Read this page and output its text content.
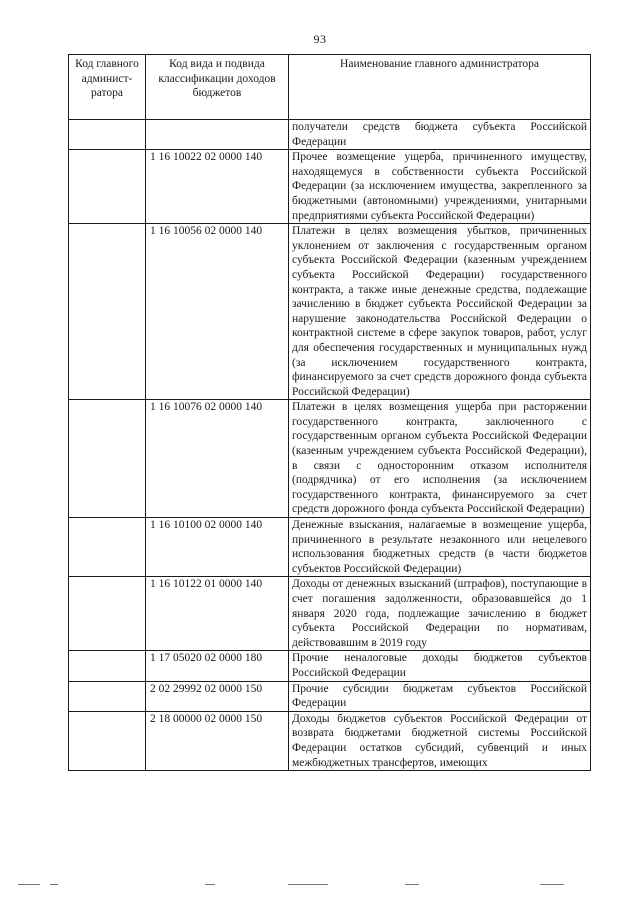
93
Код главного админист-ратора	Код вида и подвида классификации доходов бюджетов	Наименование главного администратора
		получатели средств бюджета субъекта Российской Федерации
	1 16 10022 02 0000 140	Прочее возмещение ущерба, причиненного имуществу, находящемуся в собственности субъекта Российской Федерации (за исключением имущества, закрепленного за бюджетными (автономными) учреждениями, унитарными предприятиями субъекта Российской Федерации)
	1 16 10056 02 0000 140	Платежи в целях возмещения убытков, причиненных уклонением от заключения с государственным органом субъекта Российской Федерации (казенным учреждением субъекта Российской Федерации) государственного контракта, а также иные денежные средства, подлежащие зачислению в бюджет субъекта Российской Федерации за нарушение законодательства Российской Федерации о контрактной системе в сфере закупок товаров, работ, услуг для обеспечения государственных и муниципальных нужд (за исключением государственного контракта, финансируемого за счет средств дорожного фонда субъекта Российской Федерации)
	1 16 10076 02 0000 140	Платежи в целях возмещения ущерба при расторжении государственного контракта, заключенного с государственным органом субъекта Российской Федерации (казенным учреждением субъекта Российской Федерации), в связи с односторонним отказом исполнителя (подрядчика) от его исполнения (за исключением государственного контракта, финансируемого за счет средств дорожного фонда субъекта Российской Федерации)
	1 16 10100 02 0000 140	Денежные взыскания, налагаемые в возмещение ущерба, причиненного в результате незаконного или нецелевого использования бюджетных средств (в части бюджетов субъектов Российской Федерации)
	1 16 10122 01 0000 140	Доходы от денежных взысканий (штрафов), поступающие в счет погашения задолженности, образовавшейся до 1 января 2020 года, подлежащие зачислению в бюджет субъекта Российской Федерации по нормативам, действовавшим в 2019 году
	1 17 05020 02 0000 180	Прочие неналоговые доходы бюджетов субъектов Российской Федерации
	2 02 29992 02 0000 150	Прочие субсидии бюджетам субъектов Российской Федерации
	2 18 00000 02 0000 150	Доходы бюджетов субъектов Российской Федерации от возврата бюджетами бюджетной системы Российской Федерации остатков субсидий, субвенций и иных межбюджетных трансфертов, имеющих
